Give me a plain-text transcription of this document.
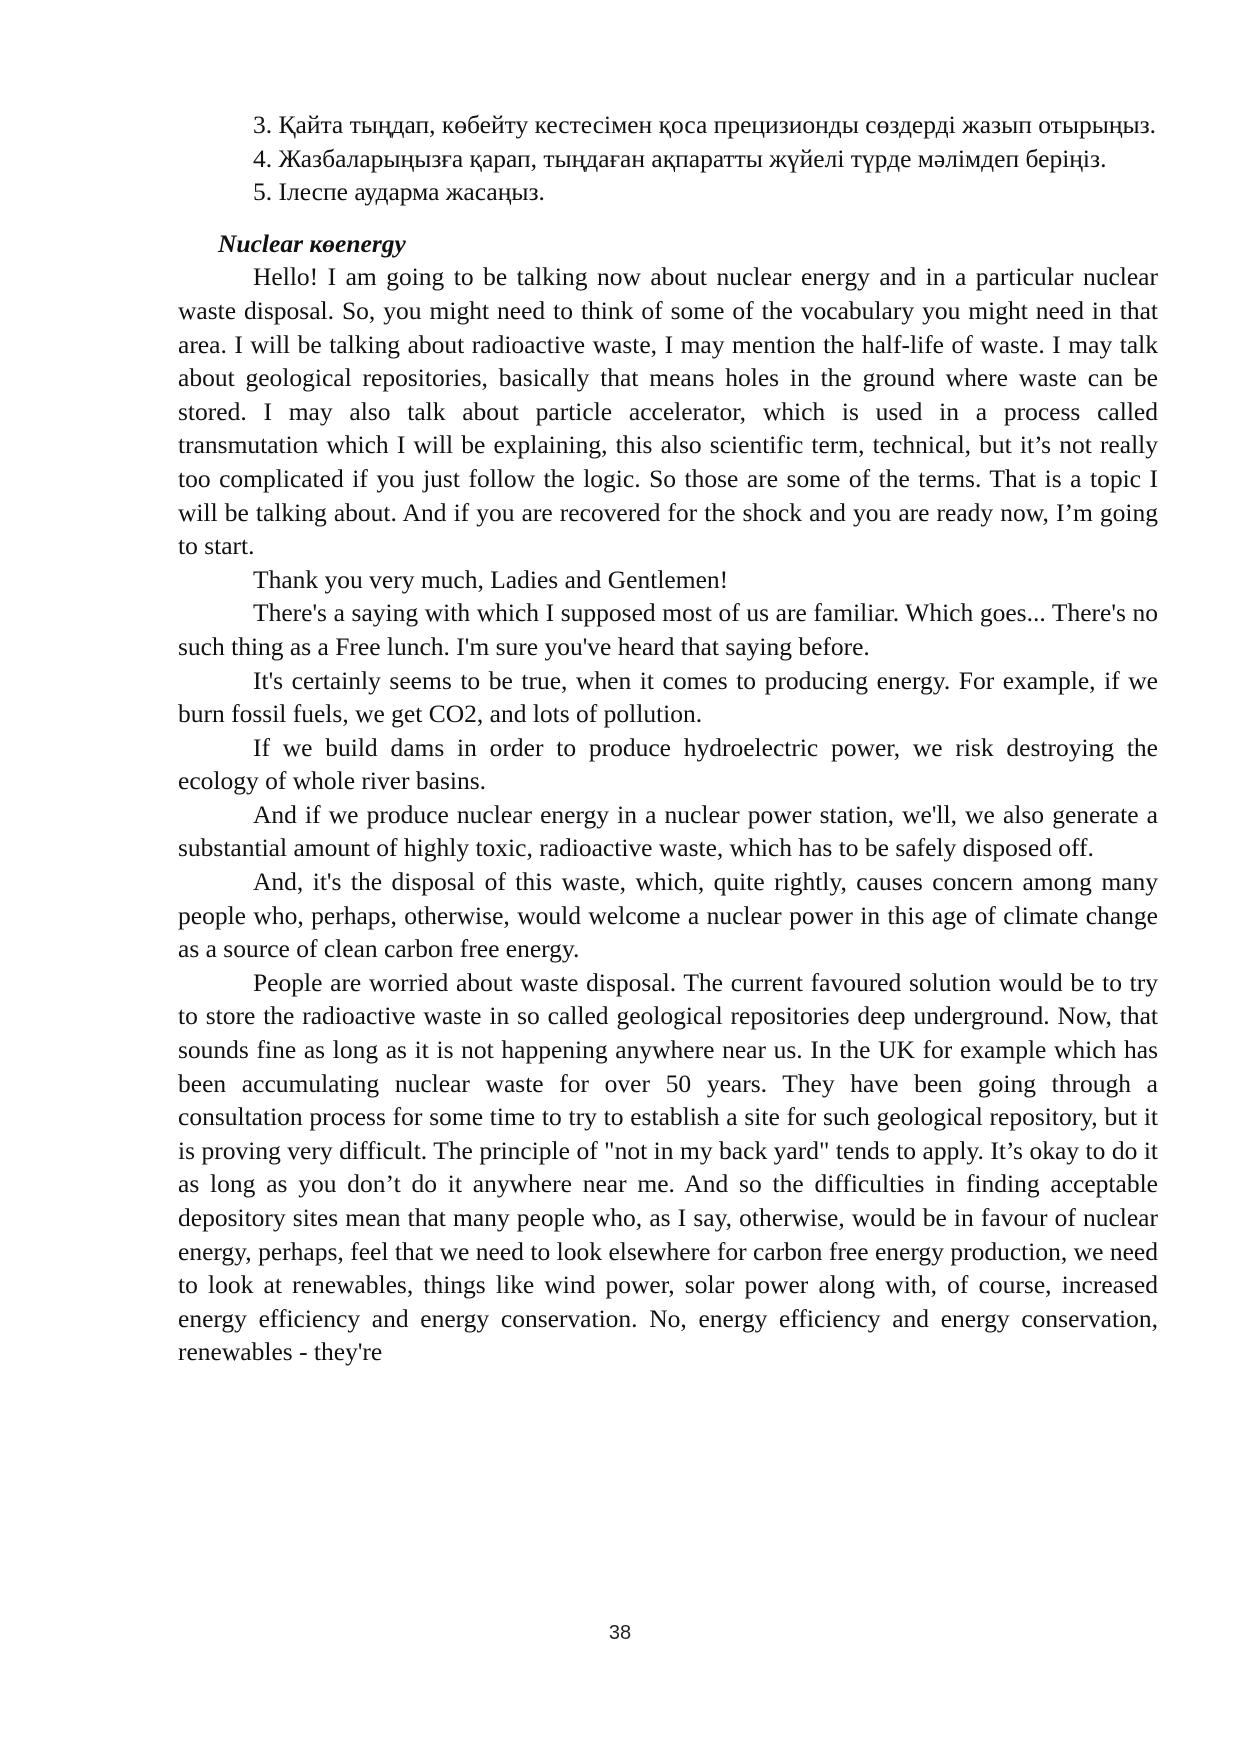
3. Қайта тыңдап, көбейту кестесімен қоса прецизионды сөздерді жазып отырыңыз.

4. Жазбаларыңызға қарап, тыңдаған ақпаратты жүйелі түрде мәлімдеп беріңіз.

5. Ілеспе аударма жасаңыз.

Nuclear көenergy

Hello! I am going to be talking now about nuclear energy and in a particular nuclear waste disposal. So, you might need to think of some of the vocabulary you might need in that area. I will be talking about radioactive waste, I may mention the half-life of waste. I may talk about geological repositories, basically that means holes in the ground where waste can be stored. I may also talk about particle accelerator, which is used in a process called transmutation which I will be explaining, this also scientific term, technical, but it’s not really too complicated if you just follow the logic. So those are some of the terms. That is a topic I will be talking about. And if you are recovered for the shock and you are ready now, I’m going to start.

Thank you very much, Ladies and Gentlemen!

There's a saying with which I supposed most of us are familiar. Which goes... There's no such thing as a Free lunch. I'm sure you've heard that saying before.

It's certainly seems to be true, when it comes to producing energy. For example, if we burn fossil fuels, we get CO2, and lots of pollution.

If we build dams in order to produce hydroelectric power, we risk destroying the ecology of whole river basins.

And if we produce nuclear energy in a nuclear power station, we'll, we also generate a substantial amount of highly toxic, radioactive waste, which has to be safely disposed off.

And, it's the disposal of this waste, which, quite rightly, causes concern among many people who, perhaps, otherwise, would welcome a nuclear power in this age of climate change as a source of clean carbon free energy.

People are worried about waste disposal. The current favoured solution would be to try to store the radioactive waste in so called geological repositories deep underground. Now, that sounds fine as long as it is not happening anywhere near us. In the UK for example which has been accumulating nuclear waste for over 50 years. They have been going through a consultation process for some time to try to establish a site for such geological repository, but it is proving very difficult. The principle of "not in my back yard" tends to apply. It’s okay to do it as long as you don’t do it anywhere near me. And so the difficulties in finding acceptable depository sites mean that many people who, as I say, otherwise, would be in favour of nuclear energy, perhaps, feel that we need to look elsewhere for carbon free energy production, we need to look at renewables, things like wind power, solar power along with, of course, increased energy efficiency and energy conservation. No, energy efficiency and energy conservation, renewables - they're

38
